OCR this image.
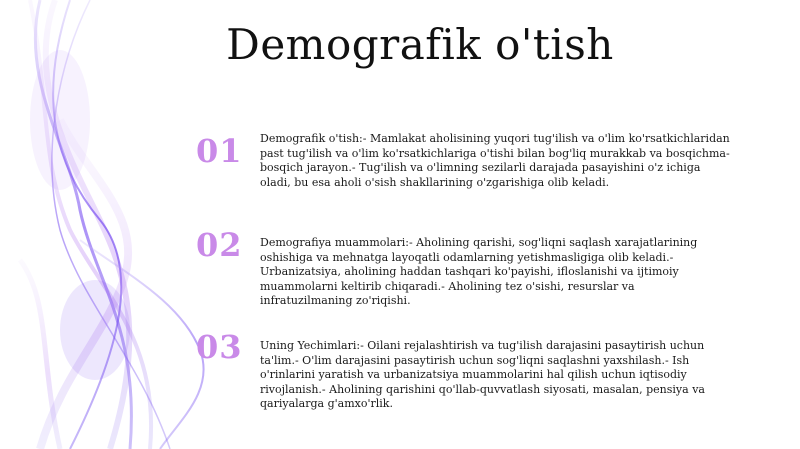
Demografik o'tish
01	Demografik o'tish:- Mamlakat aholisining yuqori tug'ilish va o'lim ko'rsatkichlaridan past tug'ilish va o'lim ko'rsatkichlariga o'tishi bilan bog'liq murakkab va bosqichma-bosqich jarayon.- Tug'ilish va o'limning sezilarli darajada pasayishini o'z ichiga oladi, bu esa aholi o'sish shakllarining o'zgarishiga olib keladi.
02	Demografiya muammolari:- Aholining qarishi, sog'liqni saqlash xarajatlarining oshishiga va mehnatga layoqatli odamlarning yetishmasligiga olib keladi.- Urbanizatsiya, aholining haddan tashqari ko'payishi, ifloslanishi va ijtimoiy muammolarni keltirib chiqaradi.- Aholining tez o'sishi, resurslar va infratuzilmaning zo'riqishi.
03	Uning Yechimlari:- Oilani rejalashtirish va tug'ilish darajasini pasaytirish uchun ta'lim.- O'lim darajasini pasaytirish uchun sog'liqni saqlashni yaxshilash.- Ish o'rinlarini yaratish va urbanizatsiya muammolarini hal qilish uchun iqtisodiy rivojlanish.- Aholining qarishini qo'llab-quvvatlash siyosati, masalan, pensiya va qariyalarga g'amxo'rlik.
